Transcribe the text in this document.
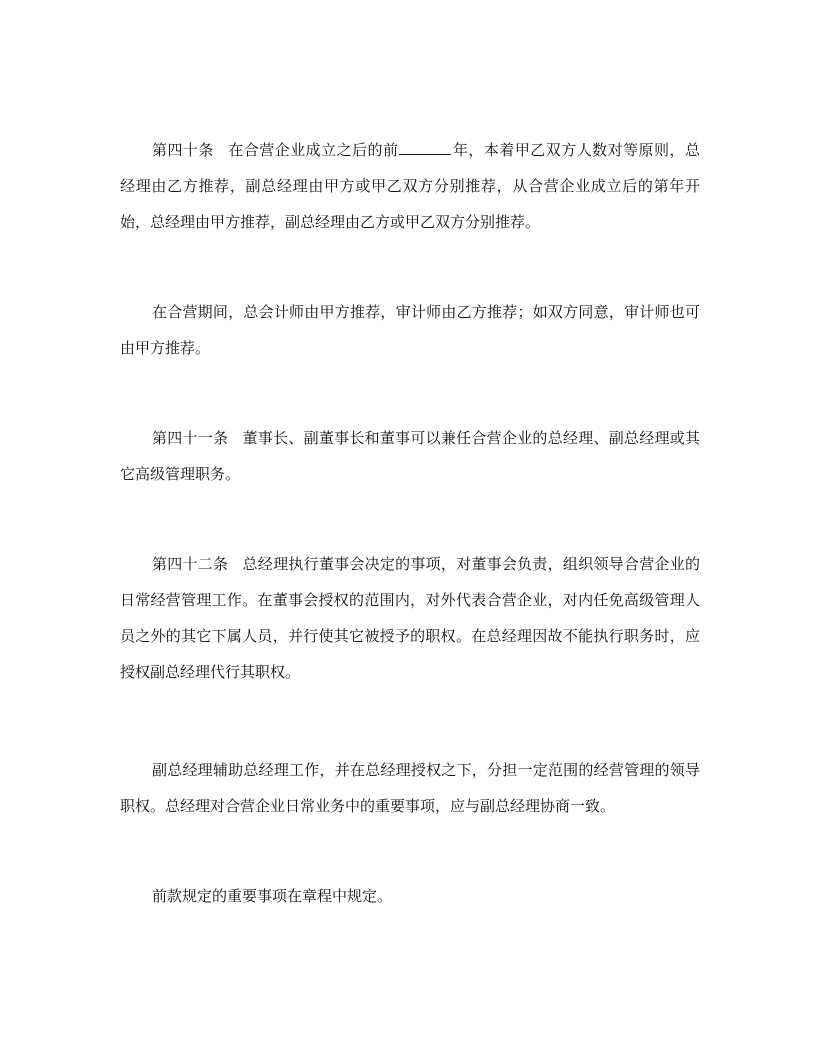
第四十条 在合营企业成立之后的前	年，本着甲乙双方人数对等原则，总经理由乙方推荐，副总经理由甲方或甲乙双方分别推荐，从合营企业成立后的第年开始，总经理由甲方推荐，副总经理由乙方或甲乙双方分别推荐。

在合营期间，总会计师由甲方推荐，审计师由乙方推荐；如双方同意，审计师也可由甲方推荐。

第四十一条 董事长、副董事长和董事可以兼任合营企业的总经理、副总经理或其它高级管理职务。

第四十二条 总经理执行董事会决定的事项，对董事会负责，组织领导合营企业的日常经营管理工作。在董事会授权的范围内，对外代表合营企业，对内任免高级管理人员之外的其它下属人员，并行使其它被授予的职权。在总经理因故不能执行职务时，应授权副总经理代行其职权。

副总经理辅助总经理工作，并在总经理授权之下，分担一定范围的经营管理的领导职权。总经理对合营企业日常业务中的重要事项，应与副总经理协商一致。

前款规定的重要事项在章程中规定。
